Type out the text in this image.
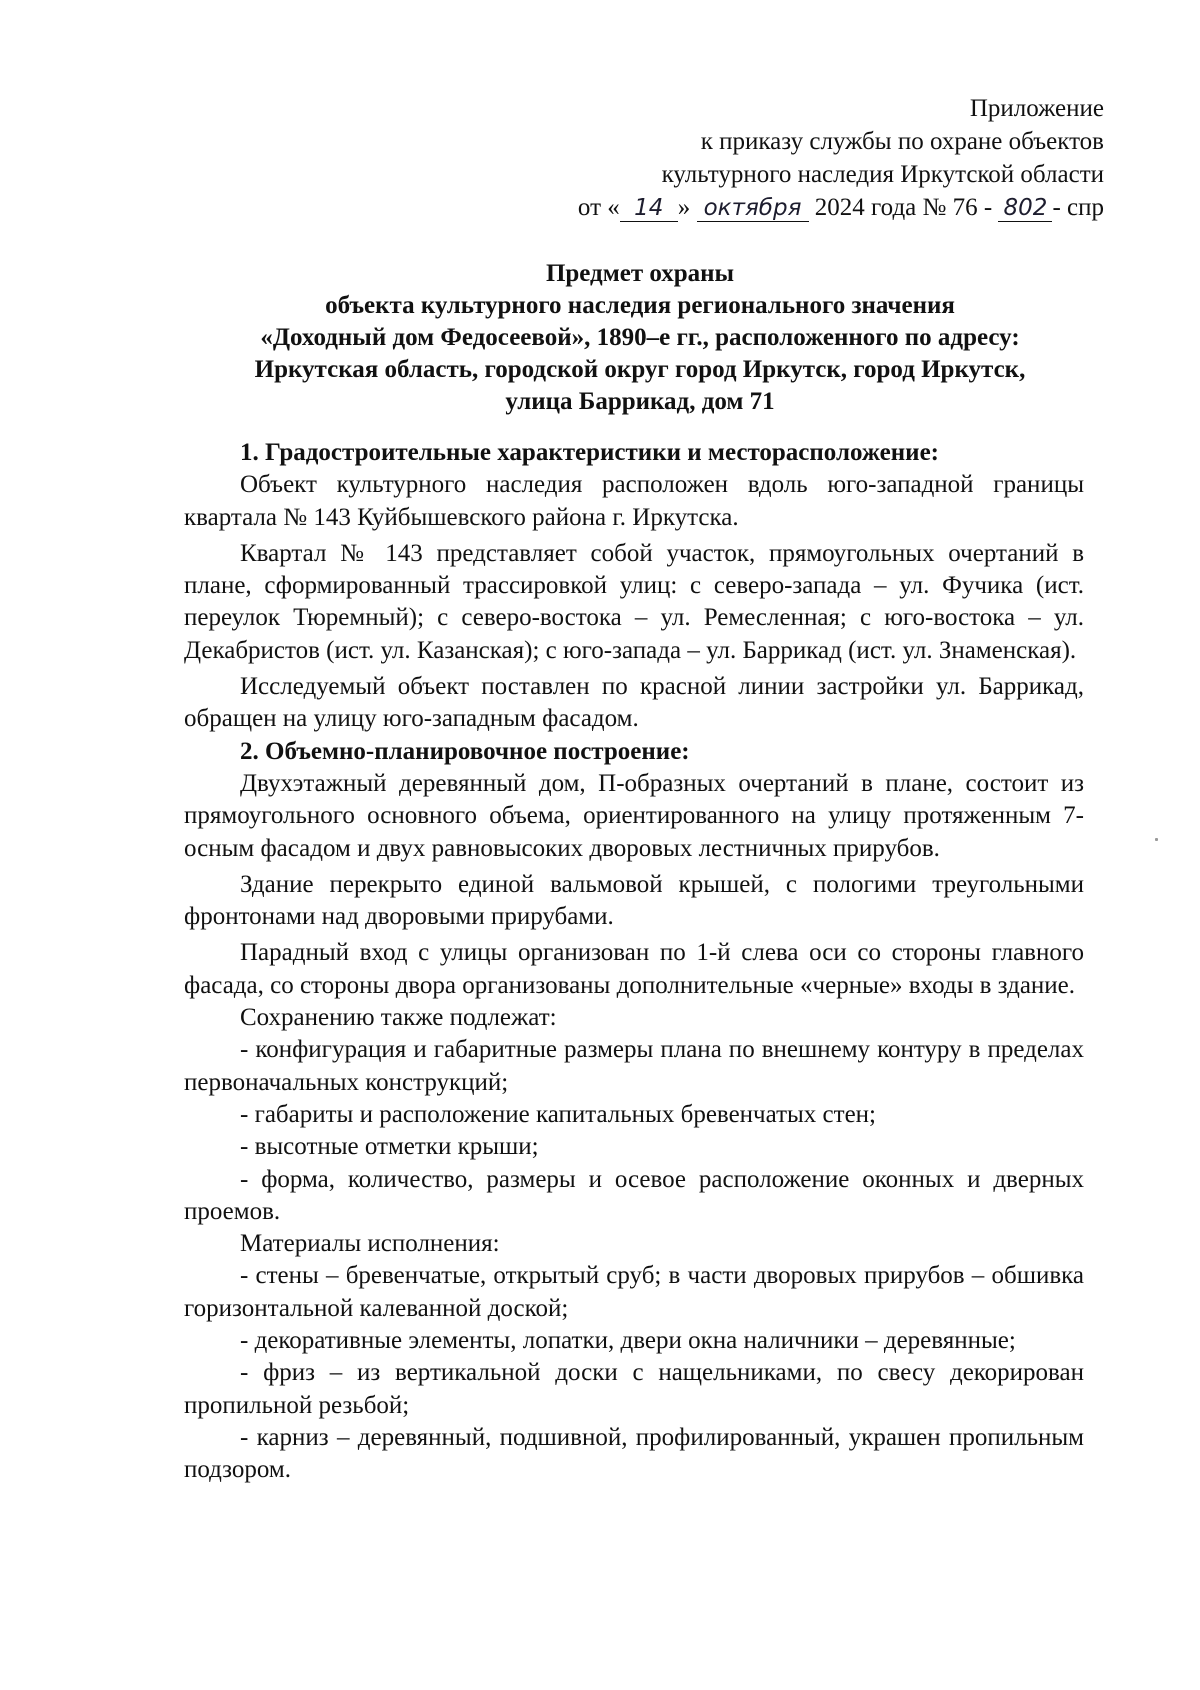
Приложение
к приказу службы по охране объектов
культурного наследия Иркутской области
от « 14 » октября 2024 года № 76 - 802 - спр
Предмет охраны
объекта культурного наследия регионального значения
«Доходный дом Федосеевой», 1890–е гг., расположенного по адресу:
Иркутская область, городской округ город Иркутск, город Иркутск,
улица Баррикад, дом 71

1. Градостроительные характеристики и месторасположение:

Объект культурного наследия расположен вдоль юго-западной границы квартала № 143 Куйбышевского района г. Иркутска.

Квартал № 143 представляет собой участок, прямоугольных очертаний в плане, сформированный трассировкой улиц: с северо-запада – ул. Фучика (ист. переулок Тюремный); с северо-востока – ул. Ремесленная; с юго-востока – ул. Декабристов (ист. ул. Казанская); с юго-запада – ул. Баррикад (ист. ул. Знаменская).

Исследуемый объект поставлен по красной линии застройки ул. Баррикад, обращен на улицу юго-западным фасадом.

2. Объемно-планировочное построение:

Двухэтажный деревянный дом, П-образных очертаний в плане, состоит из прямоугольного основного объема, ориентированного на улицу протяженным 7-осным фасадом и двух равновысоких дворовых лестничных прирубов.

Здание перекрыто единой вальмовой крышей, с пологими треугольными фронтонами над дворовыми прирубами.

Парадный вход с улицы организован по 1-й слева оси со стороны главного фасада, со стороны двора организованы дополнительные «черные» входы в здание.

Сохранению также подлежат:

- конфигурация и габаритные размеры плана по внешнему контуру в пределах первоначальных конструкций;

- габариты и расположение капитальных бревенчатых стен;

- высотные отметки крыши;

- форма, количество, размеры и осевое расположение оконных и дверных проемов.

Материалы исполнения:

- стены – бревенчатые, открытый сруб; в части дворовых прирубов – обшивка горизонтальной калеванной доской;

- декоративные элементы, лопатки, двери окна наличники – деревянные;

- фриз – из вертикальной доски с нащельниками, по свесу декорирован пропильной резьбой;

- карниз – деревянный, подшивной, профилированный, украшен пропильным подзором.
